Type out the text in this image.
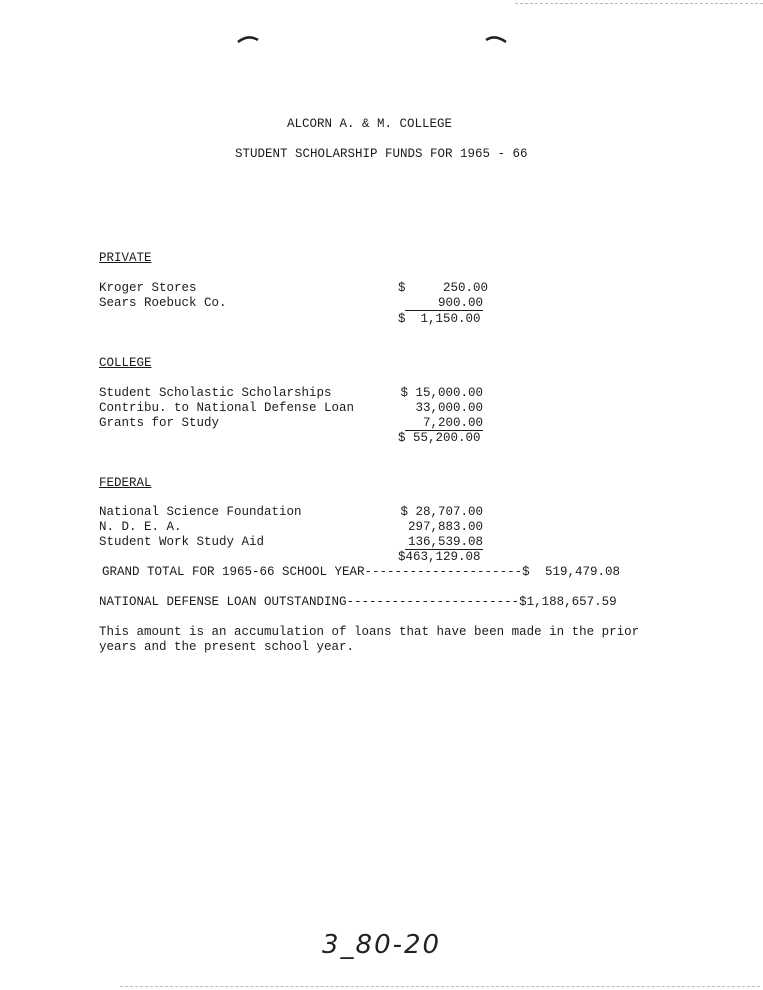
ALCORN A. & M. COLLEGE
STUDENT SCHOLARSHIP FUNDS FOR 1965 - 66
PRIVATE
Kroger Stores	$     250.00
Sears Roebuck Co.	900.00
$  1,150.00
COLLEGE
Student Scholastic Scholarships	$ 15,000.00
Contribu. to National Defense Loan	33,000.00
Grants for Study	7,200.00
$ 55,200.00
FEDERAL
National Science Foundation	$ 28,707.00
N. D. E. A.	297,883.00
Student Work Study Aid	136,539.08
$463,129.08
GRAND TOTAL FOR 1965-66 SCHOOL YEAR---------------------$ 519,479.08
NATIONAL DEFENSE LOAN OUTSTANDING-----------------------$1,188,657.59
This amount is an accumulation of loans that have been made in the prior
years and the present school year.
3_80-20
